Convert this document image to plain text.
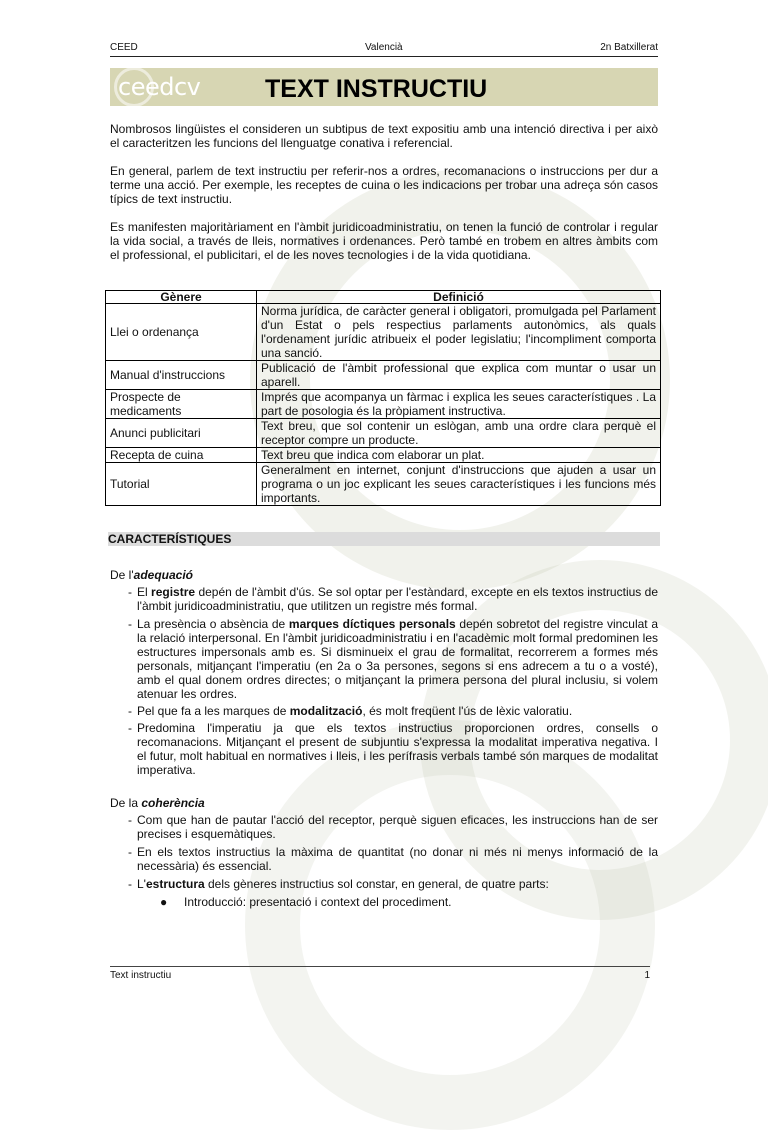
CEED	Valencià	2n Batxillerat
ceedcv	TEXT INSTRUCTIU
Nombrosos lingüistes el consideren un subtipus de text expositiu amb una intenció directiva i per això el caracteritzen les funcions del llenguatge conativa i referencial.
En general, parlem de text instructiu per referir-nos a ordres, recomanacions o instruccions per dur a terme una acció. Per exemple, les receptes de cuina o les indicacions per trobar una adreça són casos típics de text instructiu.
Es manifesten majoritàriament en l'àmbit juridicoadministratiu, on tenen la funció de controlar i regular la vida social, a través de lleis, normatives i ordenances. Però també en trobem en altres àmbits com el professional, el publicitari, el de les noves tecnologies i de la vida quotidiana.
Gènere	Definició
Llei o ordenança	Norma jurídica, de caràcter general i obligatori, promulgada pel Parlament d'un Estat o pels respectius parlaments autonòmics, als quals l'ordenament jurídic atribueix el poder legislatiu; l'incompliment comporta una sanció.
Manual d'instruccions	Publicació de l'àmbit professional que explica com muntar o usar un aparell.
Prospecte de medicaments	Imprés que acompanya un fàrmac i explica les seues característiques . La part de posologia és la pròpiament instructiva.
Anunci publicitari	Text breu, que sol contenir un eslògan, amb una ordre clara perquè el receptor compre un producte.
Recepta de cuina	Text breu que indica com elaborar un plat.
Tutorial	Generalment en internet, conjunt d'instruccions que ajuden a usar un programa o un joc explicant les seues característiques i les funcions més importants.
CARACTERÍSTIQUES
De l'adequació
- El registre depén de l'àmbit d'ús. Se sol optar per l'estàndard, excepte en els textos instructius de l'àmbit juridicoadministratiu, que utilitzen un registre més formal.
- La presència o absència de marques díctiques personals depén sobretot del registre vinculat a la relació interpersonal. En l'àmbit juridicoadministratiu i en l'acadèmic molt formal predominen les estructures impersonals amb es. Si disminueix el grau de formalitat, recorrerem a formes més personals, mitjançant l'imperatiu (en 2a o 3a persones, segons si ens adrecem a tu o a vosté), amb el qual donem ordres directes; o mitjançant la primera persona del plural inclusiu, si volem atenuar les ordres.
- Pel que fa a les marques de modalització, és molt freqüent l'ús de lèxic valoratiu.
- Predomina l'imperatiu ja que els textos instructius proporcionen ordres, consells o recomanacions. Mitjançant el present de subjuntiu s'expressa la modalitat imperativa negativa. I el futur, molt habitual en normatives i lleis, i les perífrasis verbals també són marques de modalitat imperativa.
De la coherència
- Com que han de pautar l'acció del receptor, perquè siguen eficaces, les instruccions han de ser precises i esquemàtiques.
- En els textos instructius la màxima de quantitat (no donar ni més ni menys informació de la necessària) és essencial.
- L'estructura dels gèneres instructius sol constar, en general, de quatre parts:
● Introducció: presentació i context del procediment.
Text instructiu	1
